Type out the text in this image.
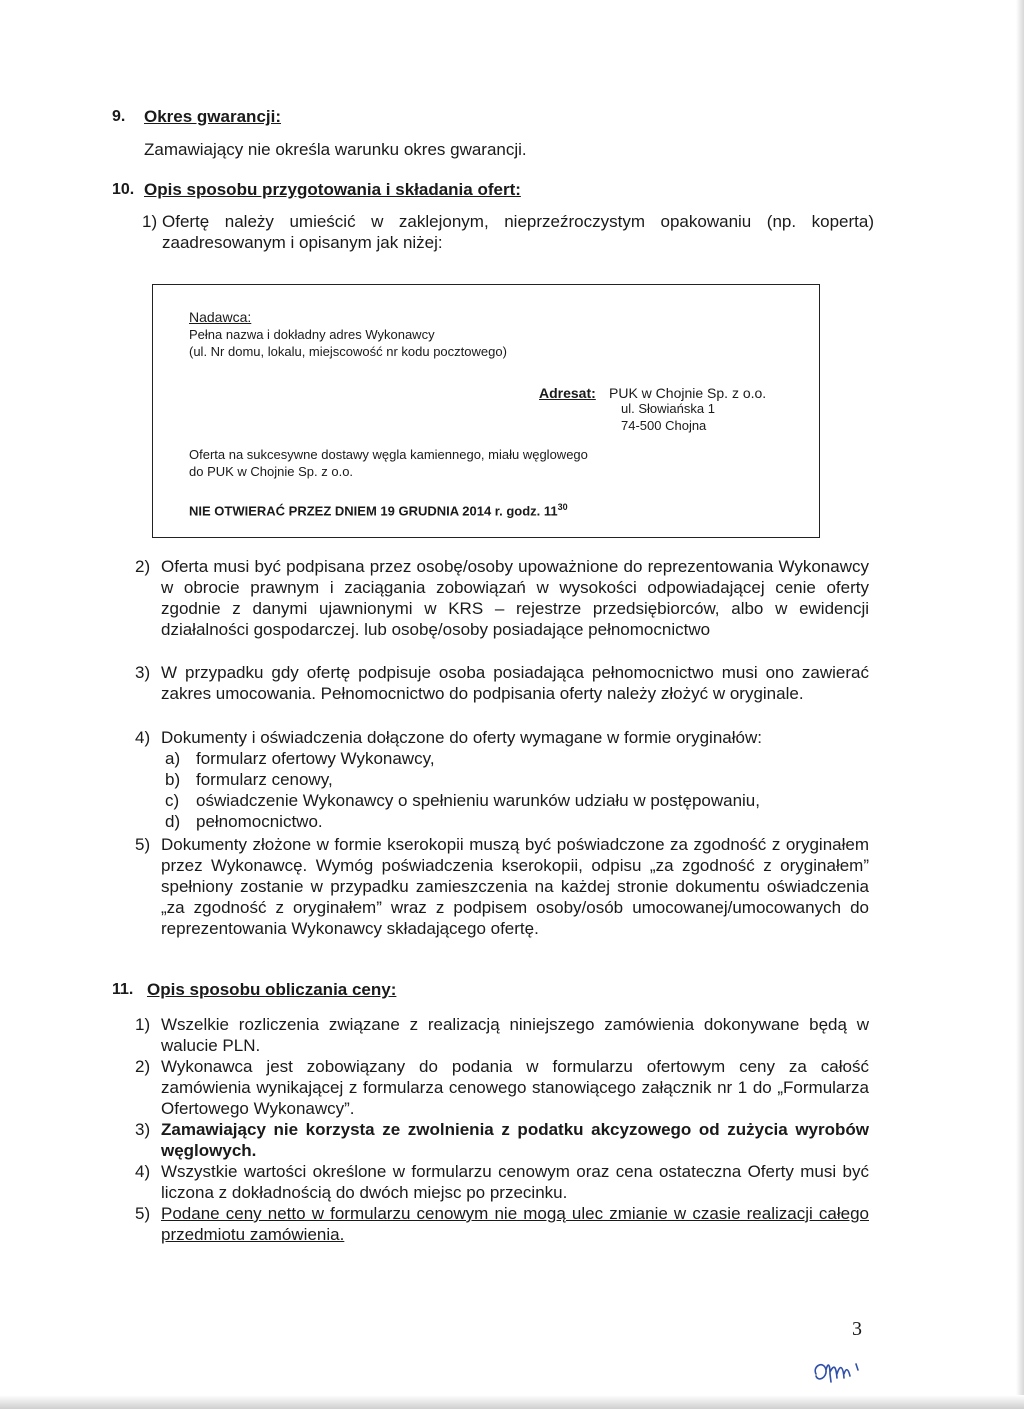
9. Okres gwarancji:
Zamawiający nie określa warunku okres gwarancji.
10. Opis sposobu przygotowania i składania ofert:
1) Ofertę należy umieścić w zaklejonym, nieprzeźroczystym opakowaniu (np. koperta)
zaadresowanym i opisanym jak niżej:
Nadawca:
Pełna nazwa i dokładny adres Wykonawcy
(ul. Nr domu, lokalu, miejscowość nr kodu pocztowego)
Adresat: PUK w Chojnie Sp. z o.o.
ul. Słowiańska 1
74-500 Chojna
Oferta na sukcesywne dostawy węgla kamiennego, miału węglowego
do PUK w Chojnie Sp. z o.o.
NIE OTWIERAĆ PRZEZ DNIEM 19 GRUDNIA 2014 r. godz. $11^{30}$
2) Oferta musi być podpisana przez osobę/osoby upoważnione do reprezentowania Wykonawcy w obrocie prawnym i zaciągania zobowiązań w wysokości odpowiadającej cenie oferty zgodnie z danymi ujawnionymi w KRS – rejestrze przedsiębiorców, albo w ewidencji działalności gospodarczej. lub osobę/osoby posiadające pełnomocnictwo
3) W przypadku gdy ofertę podpisuje osoba posiadająca pełnomocnictwo musi ono zawierać zakres umocowania. Pełnomocnictwo do podpisania oferty należy złożyć w oryginale.
4) Dokumenty i oświadczenia dołączone do oferty wymagane w formie oryginałów:
a) formularz ofertowy Wykonawcy,
b) formularz cenowy,
c) oświadczenie Wykonawcy o spełnieniu warunków udziału w postępowaniu,
d) pełnomocnictwo.
5) Dokumenty złożone w formie kserokopii muszą być poświadczone za zgodność z oryginałem przez Wykonawcę. Wymóg poświadczenia kserokopii, odpisu „za zgodność z oryginałem” spełniony zostanie w przypadku zamieszczenia na każdej stronie dokumentu oświadczenia „za zgodność z oryginałem” wraz z podpisem osoby/osób umocowanej/umocowanych do reprezentowania Wykonawcy składającego ofertę.
11. Opis sposobu obliczania ceny:
1) Wszelkie rozliczenia związane z realizacją niniejszego zamówienia dokonywane będą w walucie PLN.
2) Wykonawca jest zobowiązany do podania w formularzu ofertowym ceny za całość zamówienia wynikającej z formularza cenowego stanowiącego załącznik nr 1 do „Formularza Ofertowego Wykonawcy”.
3) Zamawiający nie korzysta ze zwolnienia z podatku akcyzowego od zużycia wyrobów węglowych.
4) Wszystkie wartości określone w formularzu cenowym oraz cena ostateczna Oferty musi być liczona z dokładnością do dwóch miejsc po przecinku.
5) Podane ceny netto w formularzu cenowym nie mogą ulec zmianie w czasie realizacji całego przedmiotu zamówienia.
3
